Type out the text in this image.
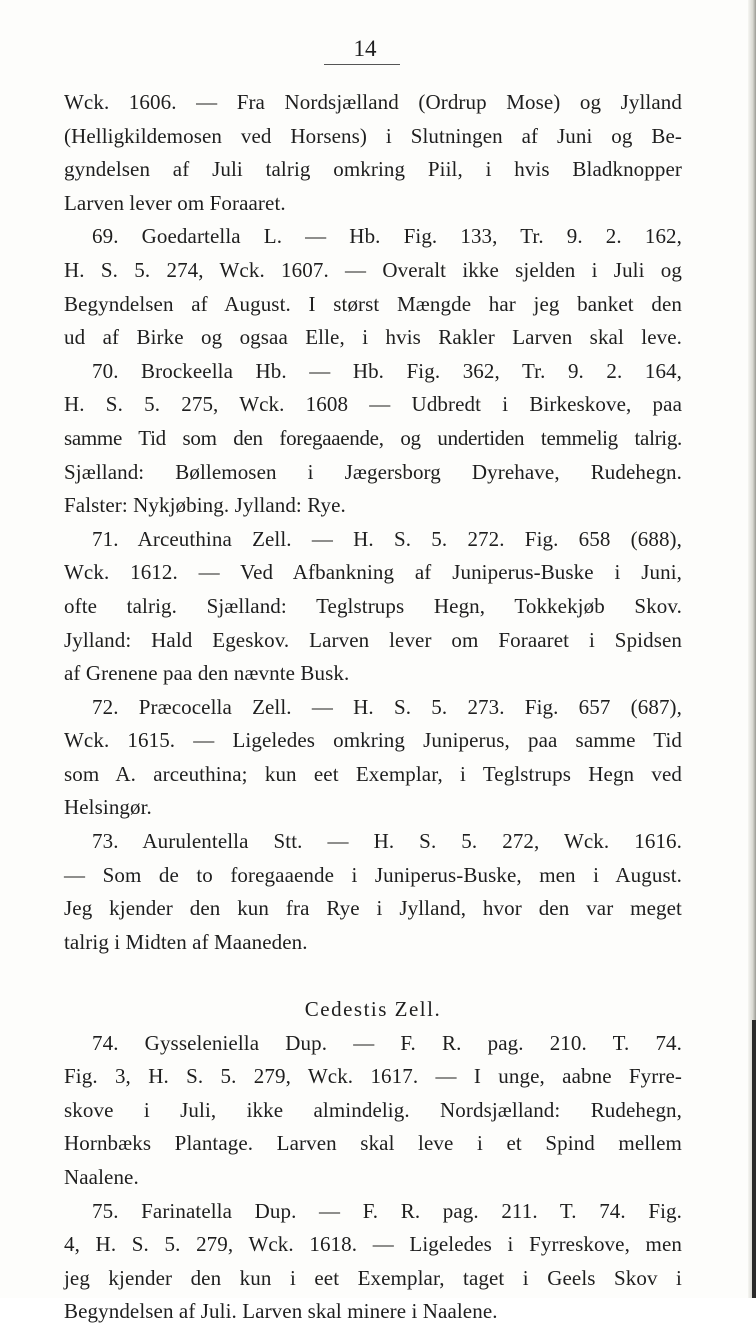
14
Wck. 1606. — Fra Nordsjælland (Ordrup Mose) og Jylland
(Helligkildemosen ved Horsens) i Slutningen af Juni og Be-
gyndelsen af Juli talrig omkring Piil, i hvis Bladknopper
Larven lever om Foraaret.
69. Goedartella L. — Hb. Fig. 133, Tr. 9. 2. 162,
H. S. 5. 274, Wck. 1607. — Overalt ikke sjelden i Juli og
Begyndelsen af August. I størst Mængde har jeg banket den
ud af Birke og ogsaa Elle, i hvis Rakler Larven skal leve.
70. Brockeella Hb. — Hb. Fig. 362, Tr. 9. 2. 164,
H. S. 5. 275, Wck. 1608 — Udbredt i Birkeskove, paa
samme Tid som den foregaaende, og undertiden temmelig talrig.
Sjælland: Bøllemosen i Jægersborg Dyrehave, Rudehegn.
Falster: Nykjøbing. Jylland: Rye.
71. Arceuthina Zell. — H. S. 5. 272. Fig. 658 (688),
Wck. 1612. — Ved Afbankning af Juniperus-Buske i Juni,
ofte talrig. Sjælland: Teglstrups Hegn, Tokkekjøb Skov.
Jylland: Hald Egeskov. Larven lever om Foraaret i Spidsen
af Grenene paa den nævnte Busk.
72. Præcocella Zell. — H. S. 5. 273. Fig. 657 (687),
Wck. 1615. — Ligeledes omkring Juniperus, paa samme Tid
som A. arceuthina; kun eet Exemplar, i Teglstrups Hegn ved
Helsingør.
73. Aurulentella Stt. — H. S. 5. 272, Wck. 1616.
— Som de to foregaaende i Juniperus-Buske, men i August.
Jeg kjender den kun fra Rye i Jylland, hvor den var meget
talrig i Midten af Maaneden.
Cedestis Zell.
74. Gysseleniella Dup. — F. R. pag. 210. T. 74.
Fig. 3, H. S. 5. 279, Wck. 1617. — I unge, aabne Fyrre-
skove i Juli, ikke almindelig. Nordsjælland: Rudehegn,
Hornbæks Plantage. Larven skal leve i et Spind mellem
Naalene.
75. Farinatella Dup. — F. R. pag. 211. T. 74. Fig.
4, H. S. 5. 279, Wck. 1618. — Ligeledes i Fyrreskove, men
jeg kjender den kun i eet Exemplar, taget i Geels Skov i
Begyndelsen af Juli. Larven skal minere i Naalene.
